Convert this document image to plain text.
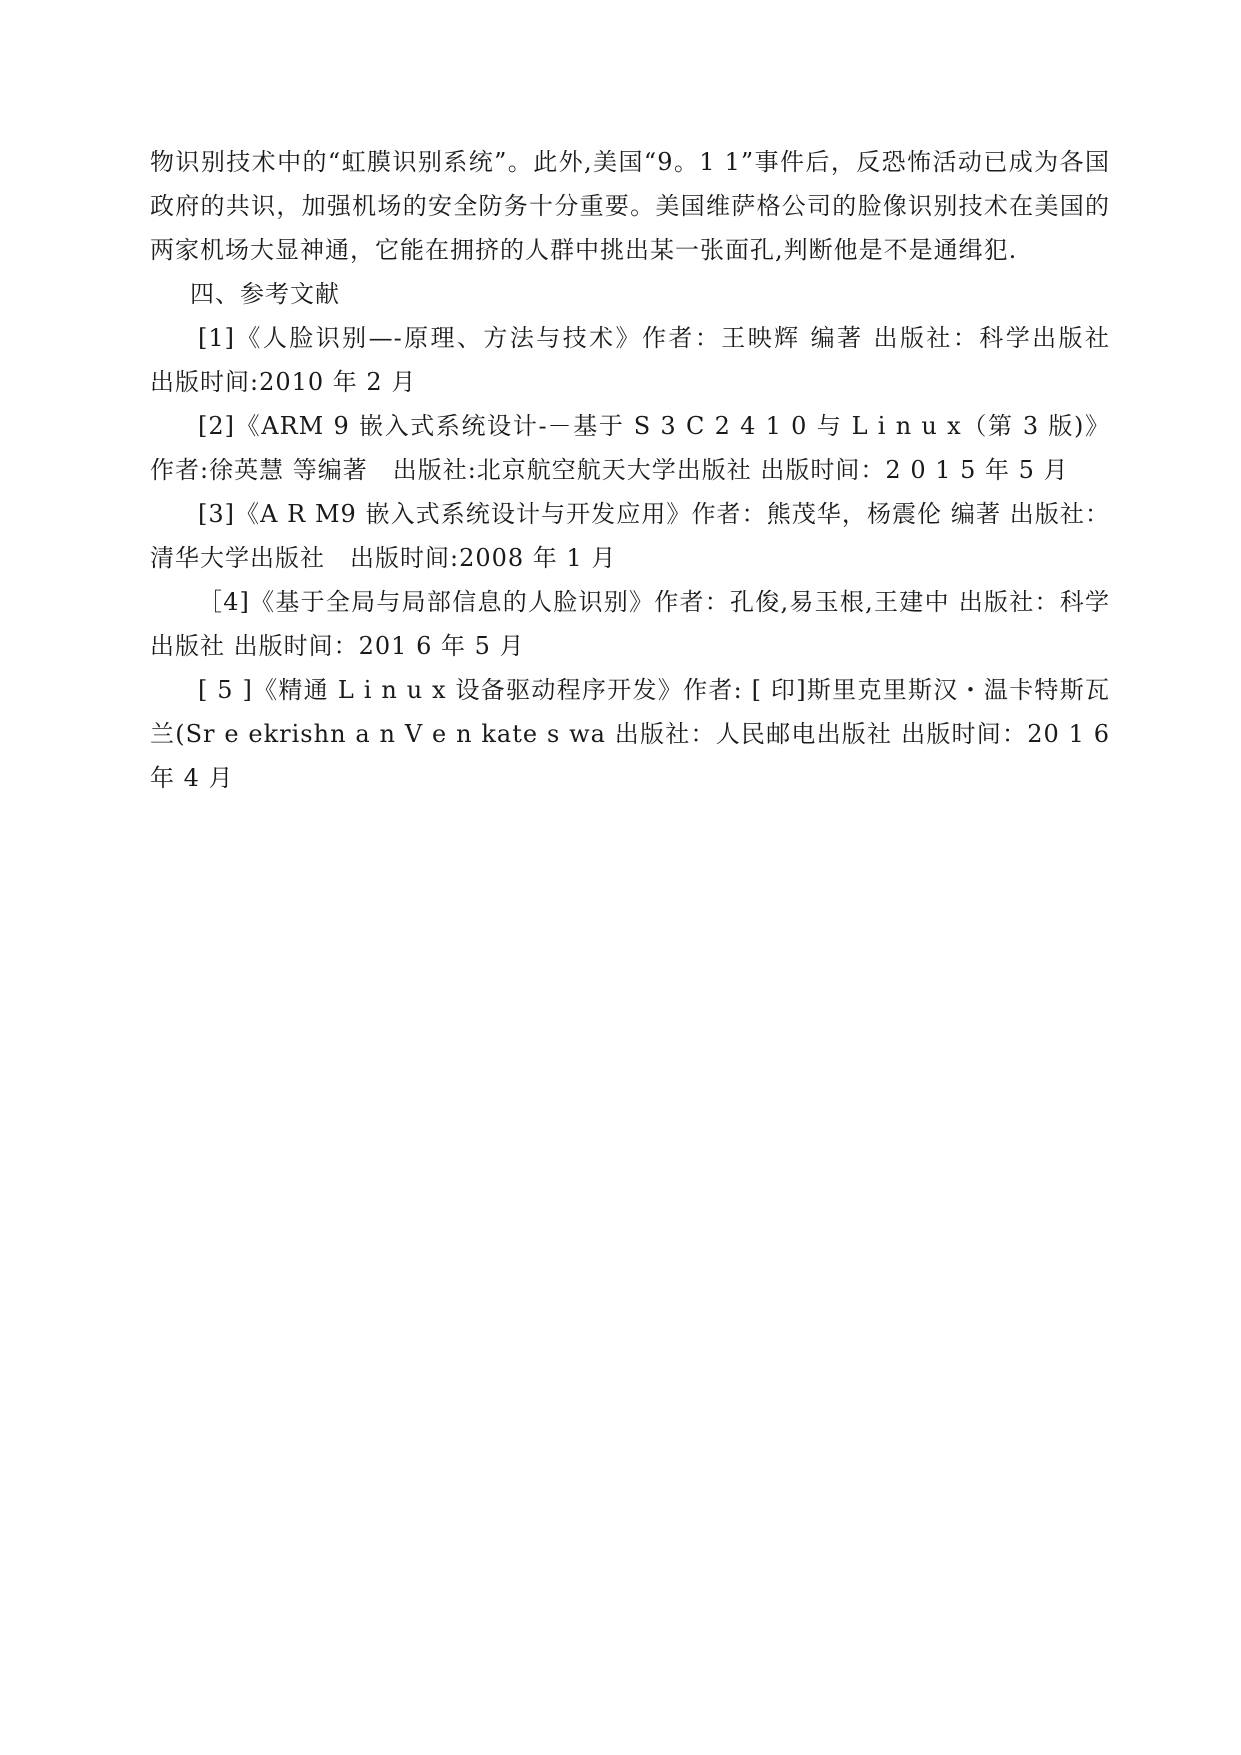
物识别技术中的“虹膜识别系统”。此外,美国“9。1 1”事件后，反恐怖活动已成为各国政府的共识，加强机场的安全防务十分重要。美国维萨格公司的脸像识别技术在美国的两家机场大显神通，它能在拥挤的人群中挑出某一张面孔,判断他是不是通缉犯.

四、参考文献

[1]《人脸识别—-原理、方法与技术》作者：王映辉 编著 出版社：科学出版社　出版时间:2010 年 2 月

[2]《ARM 9 嵌入式系统设计-－基于 S 3 C 2 4 1 0 与 L i n u x（第 3 版)》作者:徐英慧 等编著　出版社:北京航空航天大学出版社 出版时间：2 0 1 5 年 5 月

[3]《A R M9 嵌入式系统设计与开发应用》作者：熊茂华，杨震伦 编著 出版社：清华大学出版社　出版时间:2008 年 1 月

［4]《基于全局与局部信息的人脸识别》作者：孔俊,易玉根,王建中 出版社：科学出版社 出版时间：201 6 年 5 月

[ 5 ]《精通 L i n u x 设备驱动程序开发》作者: [ 印]斯里克里斯汉・温卡特斯瓦兰(Sr e ekrishn a n V e n kate s wa 出版社：人民邮电出版社 出版时间：20 1 6 年 4 月
